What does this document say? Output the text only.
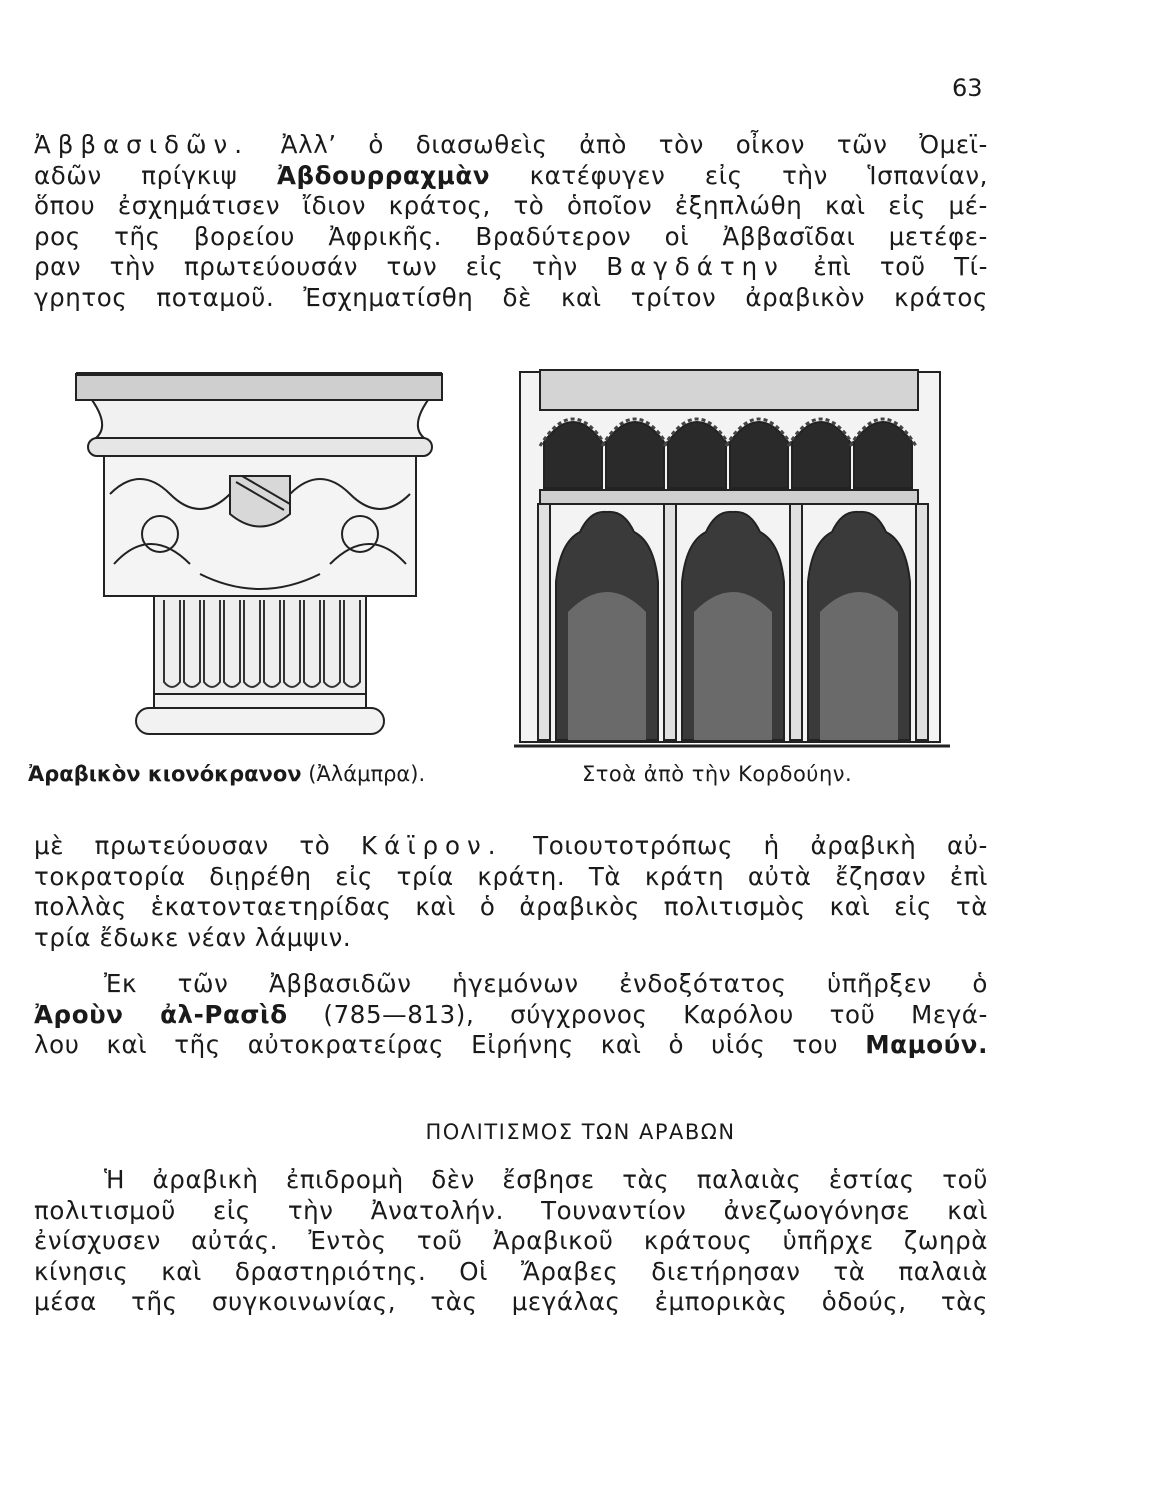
63
Ἀββασιδῶν. Ἀλλ’ ὁ διασωθεὶς ἀπὸ τὸν οἶκον τῶν Ὀμεϊ-
αδῶν πρίγκιψ Ἀβδουρραχμὰν κατέφυγεν εἰς τὴν Ἱσπανίαν,
ὅπου ἐσχημάτισεν ἴδιον κράτος, τὸ ὁποῖον ἐξηπλώθη καὶ εἰς μέ-
ρος τῆς βορείου Ἀφρικῆς. Βραδύτερον οἱ Ἀββασῖδαι μετέφε-
ραν τὴν πρωτεύουσάν των εἰς τὴν Βαγδάτην ἐπὶ τοῦ Τί-
γρητος ποταμοῦ. Ἐσχηματίσθη δὲ καὶ τρίτον ἀραβικὸν κράτος
Ἀραβικὸν κιονόκρανον (Ἀλάμπρα).	Στοὰ ἀπὸ τὴν Κορδούην.
μὲ πρωτεύουσαν τὸ Κάϊρον. Τοιουτοτρόπως ἡ ἀραβικὴ αὐ-
τοκρατορία διῃρέθη εἰς τρία κράτη. Τὰ κράτη αὐτὰ ἔζησαν ἐπὶ
πολλὰς ἑκατονταετηρίδας καὶ ὁ ἀραβικὸς πολιτισμὸς καὶ εἰς τὰ
τρία ἔδωκε νέαν λάμψιν.
Ἐκ τῶν Ἀββασιδῶν ἡγεμόνων ἐνδοξότατος ὑπῆρξεν ὁ
Ἀροὺν ἀλ-Ρασὶδ (785—813), σύγχρονος Καρόλου τοῦ Μεγά-
λου καὶ τῆς αὐτοκρατείρας Εἰρήνης καὶ ὁ υἱός του Μαμούν.
ΠΟΛΙΤΙΣΜΟΣ ΤΩΝ ΑΡΑΒΩΝ
Ἡ ἀραβικὴ ἐπιδρομὴ δὲν ἔσβησε τὰς παλαιὰς ἑστίας τοῦ
πολιτισμοῦ εἰς τὴν Ἀνατολήν. Τουναντίον ἀνεζωογόνησε καὶ
ἐνίσχυσεν αὐτάς. Ἐντὸς τοῦ Ἀραβικοῦ κράτους ὑπῆρχε ζωηρὰ
κίνησις καὶ δραστηριότης. Οἱ Ἄραβες διετήρησαν τὰ παλαιὰ
μέσα τῆς συγκοινωνίας, τὰς μεγάλας ἐμπορικὰς ὁδούς, τὰς
